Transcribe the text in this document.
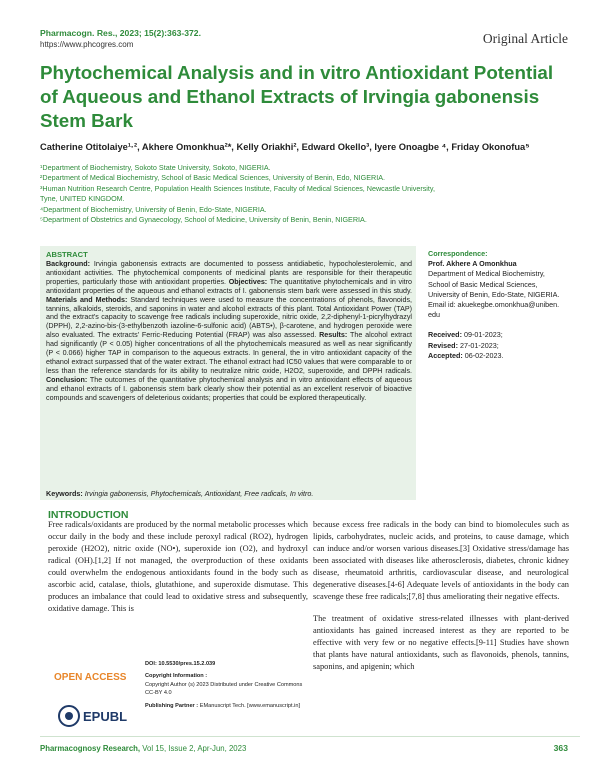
Pharmacogn. Res., 2023; 15(2):363-372.
https://www.phcogres.com	Original Article
Phytochemical Analysis and in vitro Antioxidant Potential of Aqueous and Ethanol Extracts of Irvingia gabonensis Stem Bark
Catherine Otitolaiye¹·², Akhere Omonkhua²*, Kelly Oriakhi², Edward Okello³, Iyere Onoagbe ⁴, Friday Okonofua⁵
¹Department of Biochemistry, Sokoto State University, Sokoto, NIGERIA.
²Department of Medical Biochemistry, School of Basic Medical Sciences, University of Benin, Edo, NIGERIA.
³Human Nutrition Research Centre, Population Health Sciences Institute, Faculty of Medical Sciences, Newcastle University,
Tyne, UNITED KINGDOM.
⁴Department of Biochemistry, University of Benin, Edo-State, NIGERIA.
⁵Department of Obstetrics and Gynaecology, School of Medicine, University of Benin, Benin, NIGERIA.
ABSTRACT
Background: Irvingia gabonensis extracts are documented to possess antidiabetic, hypocholesterolemic, and antioxidant activities. The phytochemical components of medicinal plants are responsible for their therapeutic properties, particularly those with antioxidant properties. Objectives: The quantitative phytochemicals and in vitro antioxidant properties of the aqueous and ethanol extracts of I. gabonensis stem bark were assessed in this study. Materials and Methods: Standard techniques were used to measure the concentrations of phenols, flavonoids, tannins, alkaloids, steroids, and saponins in water and alcohol extracts of this plant. Total Antioxidant Power (TAP) and the extract's capacity to scavenge free radicals including superoxide, nitric oxide, 2,2-diphenyl-1-picrylhydrazyl (DPPH), 2,2-azino-bis-(3-ethylbenzoth iazoline-6-sulfonic acid) (ABTS•), β-carotene, and hydrogen peroxide were also evaluated. The extracts' Ferric-Reducing Potential (FRAP) was also assessed. Results: The alcohol extract had significantly (P < 0.05) higher concentrations of all the phytochemicals measured as well as near significantly (P < 0.066) higher TAP in comparison to the aqueous extracts. In general, the in vitro antioxidant capacity of the ethanol extract surpassed that of the water extract. The ethanol extract had IC50 values that were comparable to or less than the reference standards for its ability to neutralize nitric oxide, H2O2, superoxide, and DPPH radicals. Conclusion: The outcomes of the quantitative phytochemical analysis and in vitro antioxidant effects of aqueous and ethanol extracts of I. gabonensis stem bark clearly show their potential as an excellent reservoir of bioactive compounds and scavengers of deleterious oxidants; properties that could be explored therapeutically.
Keywords: Irvingia gabonensis, Phytochemicals, Antioxidant, Free radicals, In vitro.
Correspondence:
Prof. Akhere A Omonkhua
Department of Medical Biochemistry,
School of Basic Medical Sciences,
University of Benin, Edo-State, NIGERIA.
Email id: akuekegbe.omonkhua@uniben.
edu
Received: 09-01-2023;
Revised: 27-01-2023;
Accepted: 06-02-2023.
INTRODUCTION

Free radicals/oxidants are produced by the normal metabolic processes which occur daily in the body and these include peroxyl radical (RO2), hydrogen peroxide (H2O2), nitric oxide (NO•), superoxide ion (O2), and hydroxyl radical (OH).[1,2] If not managed, the overproduction of these oxidants could overwhelm the endogenous antioxidants found in the body such as ascorbic acid, catalase, thiols, glutathione, and superoxide dismutase. This produces an imbalance that could lead to oxidative stress and subsequently, oxidative damage. This is

because excess free radicals in the body can bind to biomolecules such as lipids, carbohydrates, nucleic acids, and proteins, to cause damage, which can induce and/or worsen various diseases.[3] Oxidative stress/damage has been associated with diseases like atherosclerosis, diabetes, chronic kidney disease, rheumatoid arthritis, cardiovascular disease, and neurological degenerative diseases.[4-6] Adequate levels of antioxidants in the body can scavenge these free radicals;[7,8] thus ameliorating their negative effects.

The treatment of oxidative stress-related illnesses with plant-derived antioxidants has gained increased interest as they are reported to be effective with very few or no negative effects.[9-11] Studies have shown that plants have natural antioxidants, such as flavonoids, phenols, tannins, saponins, and apigenin; which

OPEN ACCESS
EPUBL
DOI: 10.5530/pres.15.2.039
Copyright Information :
Copyright Author (s) 2023 Distributed under Creative Commons CC-BY 4.0
Publishing Partner : EManuscript Tech. [www.emanuscript.in]
Pharmacognosy Research, Vol 15, Issue 2, Apr-Jun, 2023	363
